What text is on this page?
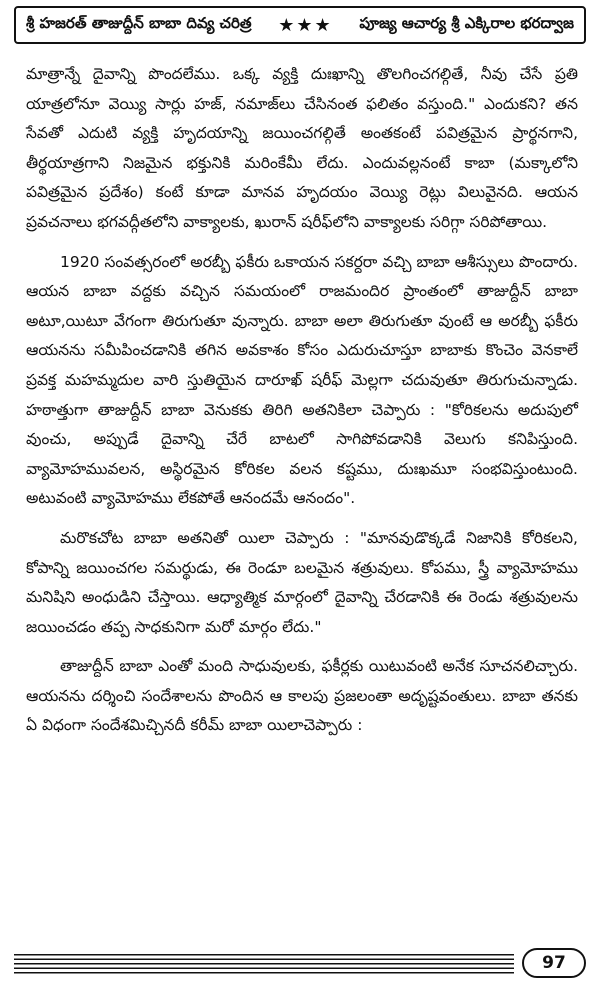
శ్రీ హజరత్ తాజుద్దీన్ బాబా దివ్య చరిత్ర ★★★ పూజ్య ఆచార్య శ్రీ ఎక్కిరాల భరద్వాజ

మాత్రాన్నే దైవాన్ని పొందలేము. ఒక్క వ్యక్తి దుఃఖాన్ని తొలగించగల్గితే, నీవు చేసే ప్రతి యాత్రలోనూ వెయ్యి సార్లు హజ్, నమాజ్‌లు చేసినంత ఫలితం వస్తుంది." ఎందుకని? తన సేవతో ఎదుటి వ్యక్తి హృదయాన్ని జయించగల్గితే అంతకంటే పవిత్రమైన ప్రార్థనగాని, తీర్థయాత్రగాని నిజమైన భక్తునికి మరింకేమీ లేదు. ఎందువల్లనంటే కాబా (మక్కాలోని పవిత్రమైన ప్రదేశం) కంటే కూడా మానవ హృదయం వెయ్యి రెట్లు విలువైనది. ఆయన ప్రవచనాలు భగవద్గీతలోని వాక్యాలకు, ఖురాన్ షరీఫ్‌లోని వాక్యాలకు సరిగ్గా సరిపోతాయి.

1920 సంవత్సరంలో అరబ్బీ ఫకీరు ఒకాయన సకర్దరా వచ్చి బాబా ఆశీస్సులు పొందారు. ఆయన బాబా వద్దకు వచ్చిన సమయంలో రాజమందిర ప్రాంతంలో తాజుద్దీన్ బాబా అటూ,యిటూ వేగంగా తిరుగుతూ వున్నారు. బాబా అలా తిరుగుతూ వుంటే ఆ అరబ్బీ ఫకీరు ఆయనను సమీపించడానికి తగిన అవకాశం కోసం ఎదురుచూస్తూ బాబాకు కొంచెం వెనకాలే ప్రవక్త మహమ్మదుల వారి స్తుతియైన దారూఖ్ షరీఫ్ మెల్లగా చదువుతూ తిరుగుచున్నాడు. హఠాత్తుగా తాజుద్దీన్ బాబా వెనుకకు తిరిగి అతనికిలా చెప్పారు : "కోరికలను అదుపులో వుంచు, అప్పుడే దైవాన్ని చేరే బాటలో సాగిపోవడానికి వెలుగు కనిపిస్తుంది. వ్యామోహమువలన, అస్థిరమైన కోరికల వలన కష్టము, దుఃఖమూ సంభవిస్తుంటుంది. అటువంటి వ్యామోహము లేకపోతే ఆనందమే ఆనందం".

మరొకచోట బాబా అతనితో యిలా చెప్పారు : "మానవుడొక్కడే నిజానికి కోరికలని, కోపాన్ని జయించగల సమర్థుడు, ఈ రెండూ బలమైన శత్రువులు. కోపము, స్త్రీ వ్యామోహము మనిషిని అంధుడిని చేస్తాయి. ఆధ్యాత్మిక మార్గంలో దైవాన్ని చేరడానికి ఈ రెండు శత్రువులను జయించడం తప్ప సాధకునిగా మరో మార్గం లేదు."

తాజుద్దీన్ బాబా ఎంతో మంది సాధువులకు, ఫకీర్లకు యిటువంటి అనేక సూచనలిచ్చారు. ఆయనను దర్శించి సందేశాలను పొందిన ఆ కాలపు ప్రజలంతా అదృష్టవంతులు. బాబా తనకు ఏ విధంగా సందేశమిచ్చినదీ కరీమ్ బాబా యిలాచెప్పారు :

97
